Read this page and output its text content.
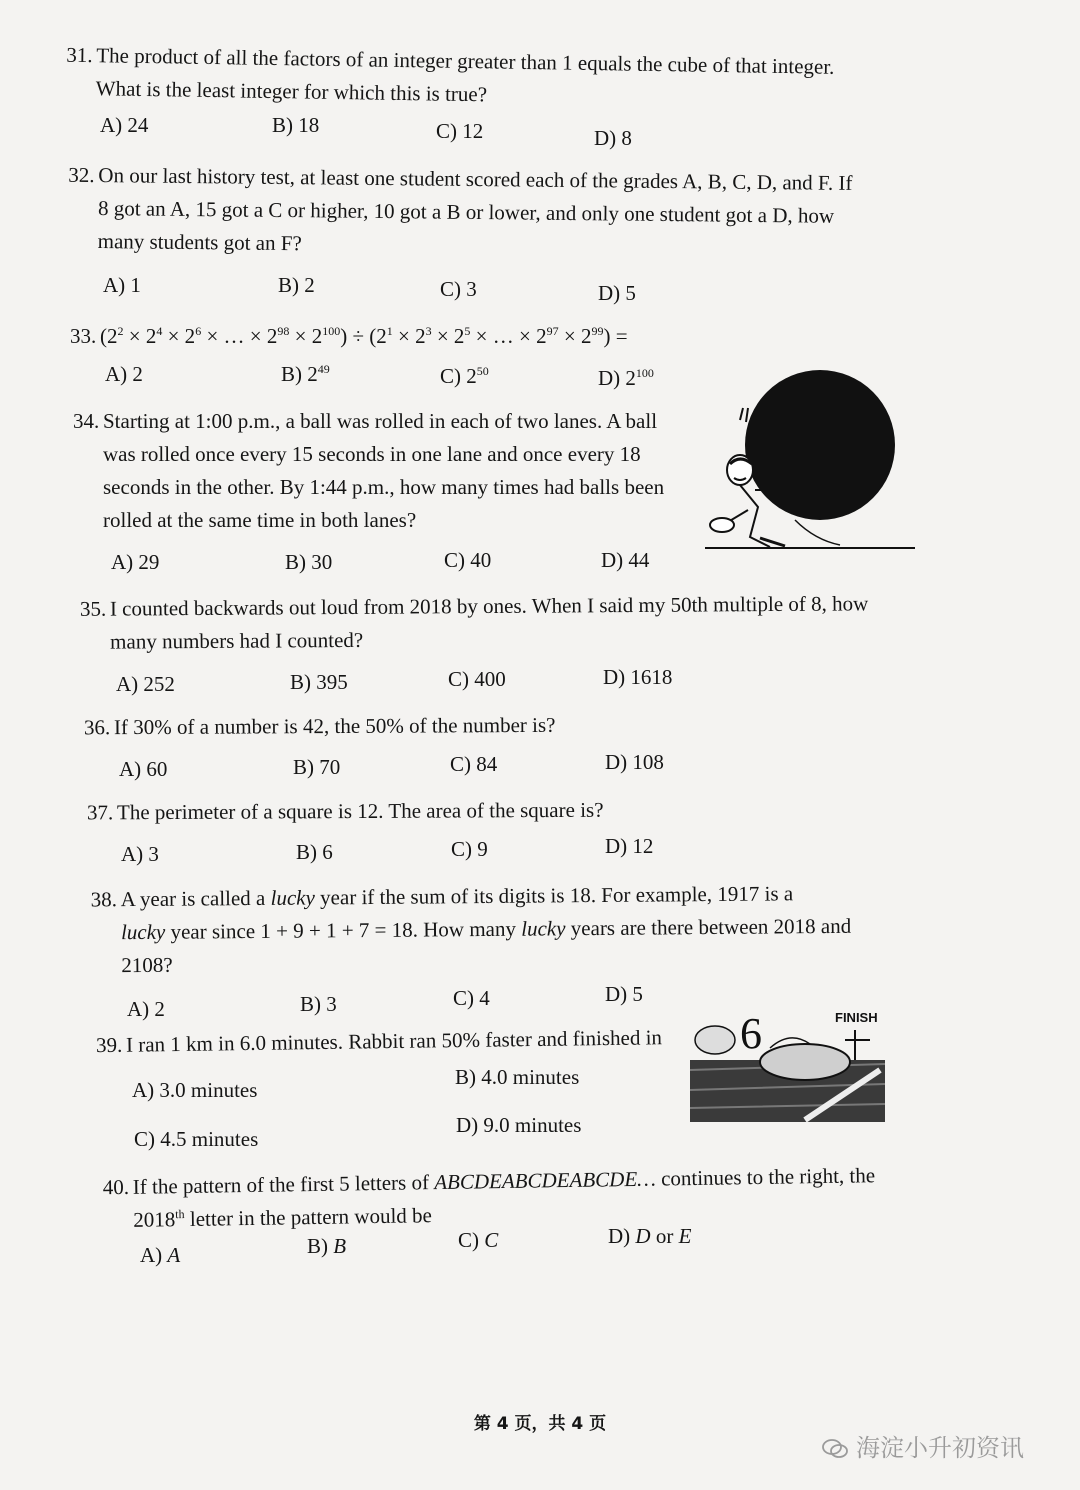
31. The product of all the factors of an integer greater than 1 equals the cube of that integer.
What is the least integer for which this is true?
A) 24	B) 18	C) 12	D) 8
32. On our last history test, at least one student scored each of the grades A, B, C, D, and F. If
8 got an A, 15 got a C or higher, 10 got a B or lower, and only one student got a D, how
many students got an F?
A) 1	B) 2	C) 3	D) 5
33. ($2^2 \times 2^4 \times 2^6$ × … × $2^{98} \times 2^{100}) \div (2^1 \times 2^3 \times 2^5$ × … × $2^{97} \times 2^{99}$) =
A) 2	B) $2^{49}$	C) $2^{50}$	D) $2^{100}$
34. Starting at 1:00 p.m., a ball was rolled in each of two lanes. A ball
was rolled once every 15 seconds in one lane and once every 18
seconds in the other. By 1:44 p.m., how many times had balls been
rolled at the same time in both lanes?
A) 29	B) 30	C) 40	D) 44
35. I counted backwards out loud from 2018 by ones. When I said my 50th multiple of 8, how
many numbers had I counted?
A) 252	B) 395	C) 400	D) 1618
36. If 30% of a number is 42, the 50% of the number is?
A) 60	B) 70	C) 84	D) 108
37. The perimeter of a square is 12. The area of the square is?
A) 3	B) 6	C) 9	D) 12
38. A year is called a lucky year if the sum of its digits is 18. For example, 1917 is a
lucky year since 1 + 9 + 1 + 7 = 18. How many lucky years are there between 2018 and
2108?
A) 2	B) 3	C) 4	D) 5
39. I ran 1 km in 6.0 minutes. Rabbit ran 50% faster and finished in
A) 3.0 minutes
B) 4.0 minutes
C) 4.5 minutes
D) 9.0 minutes
6	FINISH
40. If the pattern of the first 5 letters of ABCDEABCDEABCDE… continues to the right, the
2018th letter in the pattern would be
A) A	B) B	C) C	D) D or E
第 4 页，共 4 页
海淀小升初资讯
